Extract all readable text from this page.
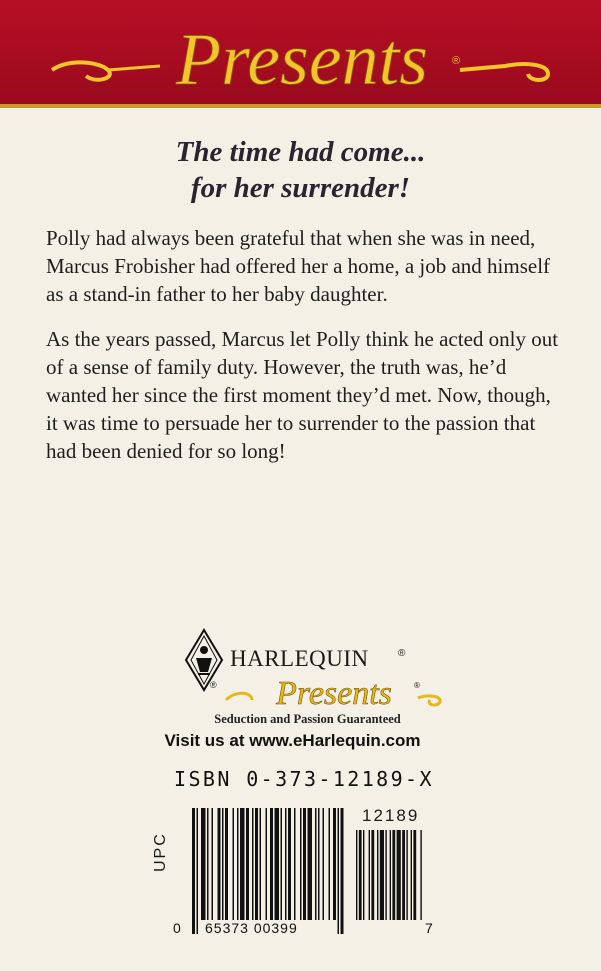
Presents ®
The time had come...
for her surrender!

Polly had always been grateful that when she was in need, Marcus Frobisher had offered her a home, a job and himself as a stand-in father to her baby daughter.

As the years passed, Marcus let Polly think he acted only out of a sense of family duty. However, the truth was, he’d wanted her since the first moment they’d met. Now, though, it was time to persuade her to surrender to the passion that had been denied for so long!

®
HARLEQUIN	®
Presents	®
Seduction and Passion Guaranteed
Visit us at www.eHarlequin.com
ISBN 0-373-12189-X
12189
UPC
0 65373 00399	7
